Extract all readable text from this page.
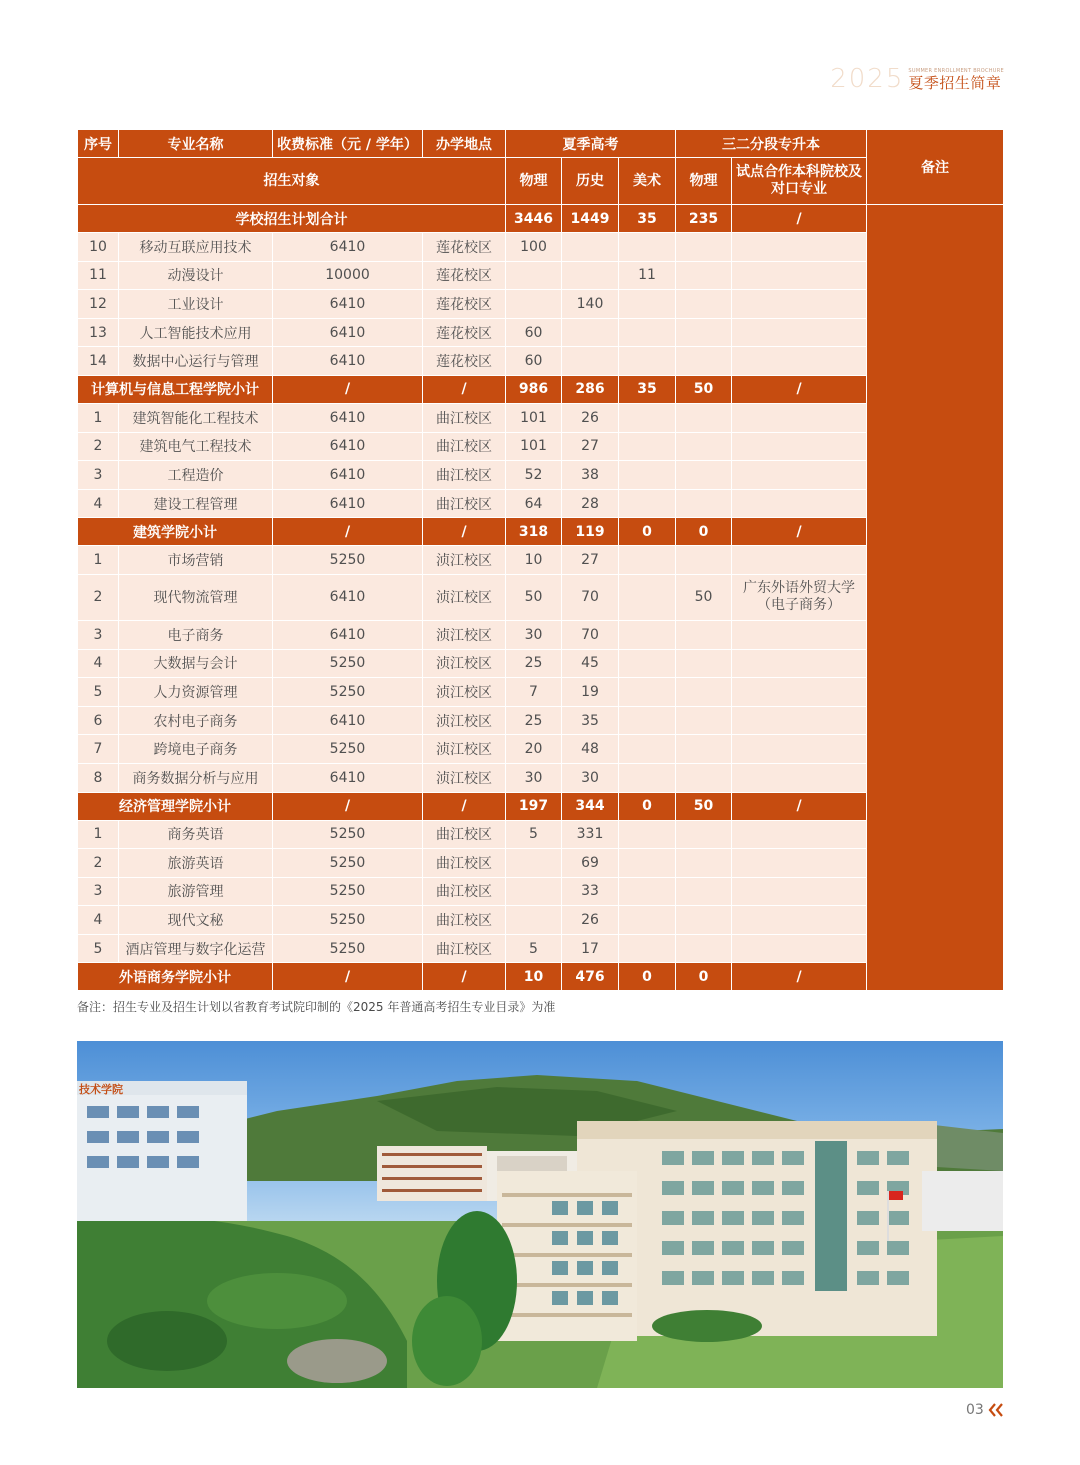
2025 SUMMER ENROLLMENT BROCHURE
夏季招生简章
序号	专业名称	收费标准（元 / 学年）	办学地点	夏季高考			三二分段专升本		备注
招生对象				物理	历史	美术	物理	试点合作本科院校及对口专业	
学校招生计划合计				3446	1449	35	235	/	
10	移动互联应用技术	6410	莲花校区	100					
11	动漫设计	10000	莲花校区			11			
12	工业设计	6410	莲花校区		140				
13	人工智能技术应用	6410	莲花校区	60					
14	数据中心运行与管理	6410	莲花校区	60					
计算机与信息工程学院小计		/	/	986	286	35	50	/	
1	建筑智能化工程技术	6410	曲江校区	101	26				
2	建筑电气工程技术	6410	曲江校区	101	27				
3	工程造价	6410	曲江校区	52	38				
4	建设工程管理	6410	曲江校区	64	28				
建筑学院小计		/	/	318	119	0	0	/	
1	市场营销	5250	浈江校区	10	27				
2	现代物流管理	6410	浈江校区	50	70		50	广东外语外贸大学（电子商务）	
3	电子商务	6410	浈江校区	30	70				
4	大数据与会计	5250	浈江校区	25	45				
5	人力资源管理	5250	浈江校区	7	19				
6	农村电子商务	6410	浈江校区	25	35				
7	跨境电子商务	5250	浈江校区	20	48				
8	商务数据分析与应用	6410	浈江校区	30	30				
经济管理学院小计		/	/	197	344	0	50	/	
1	商务英语	5250	曲江校区	5	331				
2	旅游英语	5250	曲江校区		69				
3	旅游管理	5250	曲江校区		33				
4	现代文秘	5250	曲江校区		26				
5	酒店管理与数字化运营	5250	曲江校区	5	17				
外语商务学院小计		/	/	10	476	0	0	/	
备注：招生专业及招生计划以省教育考试院印制的《2025 年普通高考招生专业目录》为准
技术学院
03
